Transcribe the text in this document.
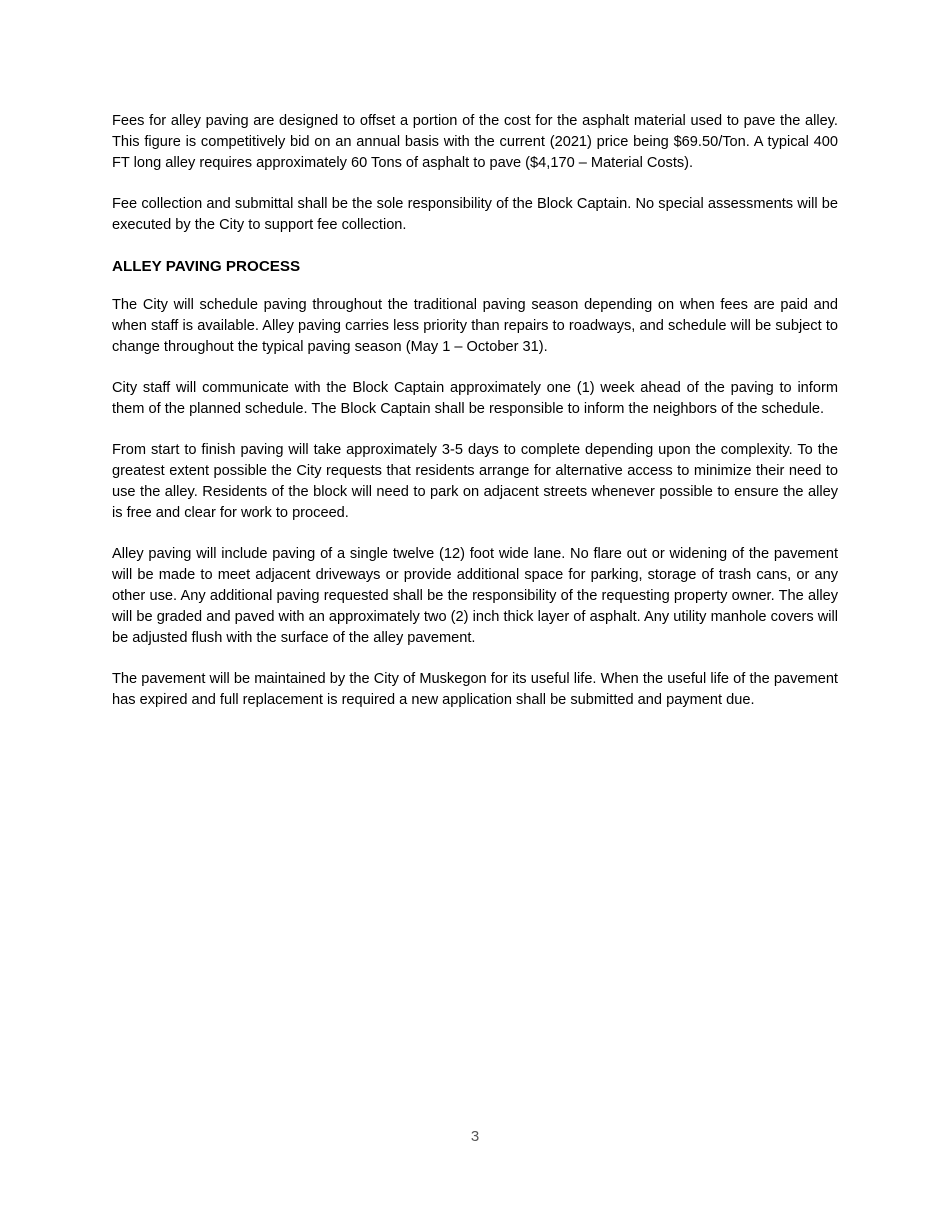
Fees for alley paving are designed to offset a portion of the cost for the asphalt material used to pave the alley. This figure is competitively bid on an annual basis with the current (2021) price being $69.50/Ton. A typical 400 FT long alley requires approximately 60 Tons of asphalt to pave ($4,170 – Material Costs).

Fee collection and submittal shall be the sole responsibility of the Block Captain. No special assessments will be executed by the City to support fee collection.

ALLEY PAVING PROCESS

The City will schedule paving throughout the traditional paving season depending on when fees are paid and when staff is available. Alley paving carries less priority than repairs to roadways, and schedule will be subject to change throughout the typical paving season (May 1 – October 31).

City staff will communicate with the Block Captain approximately one (1) week ahead of the paving to inform them of the planned schedule. The Block Captain shall be responsible to inform the neighbors of the schedule.

From start to finish paving will take approximately 3-5 days to complete depending upon the complexity. To the greatest extent possible the City requests that residents arrange for alternative access to minimize their need to use the alley. Residents of the block will need to park on adjacent streets whenever possible to ensure the alley is free and clear for work to proceed.

Alley paving will include paving of a single twelve (12) foot wide lane. No flare out or widening of the pavement will be made to meet adjacent driveways or provide additional space for parking, storage of trash cans, or any other use. Any additional paving requested shall be the responsibility of the requesting property owner. The alley will be graded and paved with an approximately two (2) inch thick layer of asphalt. Any utility manhole covers will be adjusted flush with the surface of the alley pavement.

The pavement will be maintained by the City of Muskegon for its useful life. When the useful life of the pavement has expired and full replacement is required a new application shall be submitted and payment due.

3
